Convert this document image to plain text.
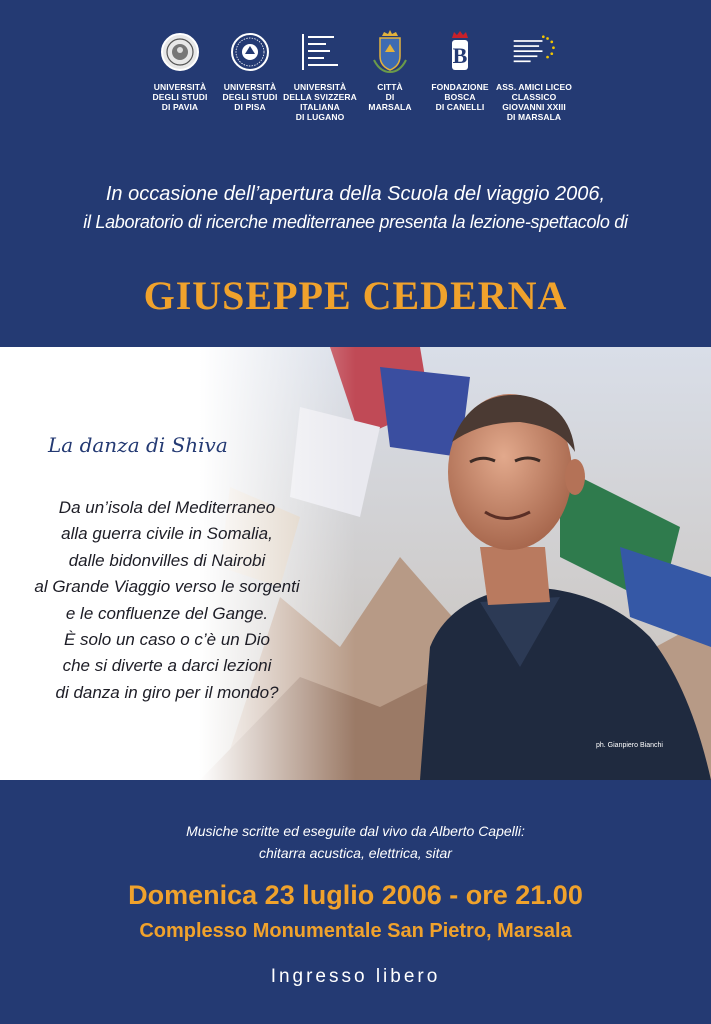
UNIVERSITÀ
DEGLI STUDI
DI PAVIA
UNIVERSITÀ
DEGLI STUDI
DI PISA
UNIVERSITÀ
DELLA SVIZZERA
ITALIANA
DI LUGANO
CITTÀ
DI
MARSALA
B
FONDAZIONE
BOSCA
DI CANELLI
ASS. AMICI LICEO
CLASSICO
GIOVANNI XXIII
DI MARSALA
In occasione dell’apertura della Scuola del viaggio 2006,
il Laboratorio di ricerche mediterranee presenta la lezione-spettacolo di
GIUSEPPE CEDERNA
La danza di Shiva
Da un’isola del Mediterraneo
alla guerra civile in Somalia,
dalle bidonvilles di Nairobi
al Grande Viaggio verso le sorgenti
e le confluenze del Gange.
È solo un caso o c’è un Dio
che si diverte a darci lezioni
di danza in giro per il mondo?
ph. Gianpiero Bianchi
Musiche scritte ed eseguite dal vivo da Alberto Capelli:
chitarra acustica, elettrica, sitar
Domenica 23 luglio 2006 - ore 21.00
Complesso Monumentale San Pietro, Marsala
Ingresso libero
